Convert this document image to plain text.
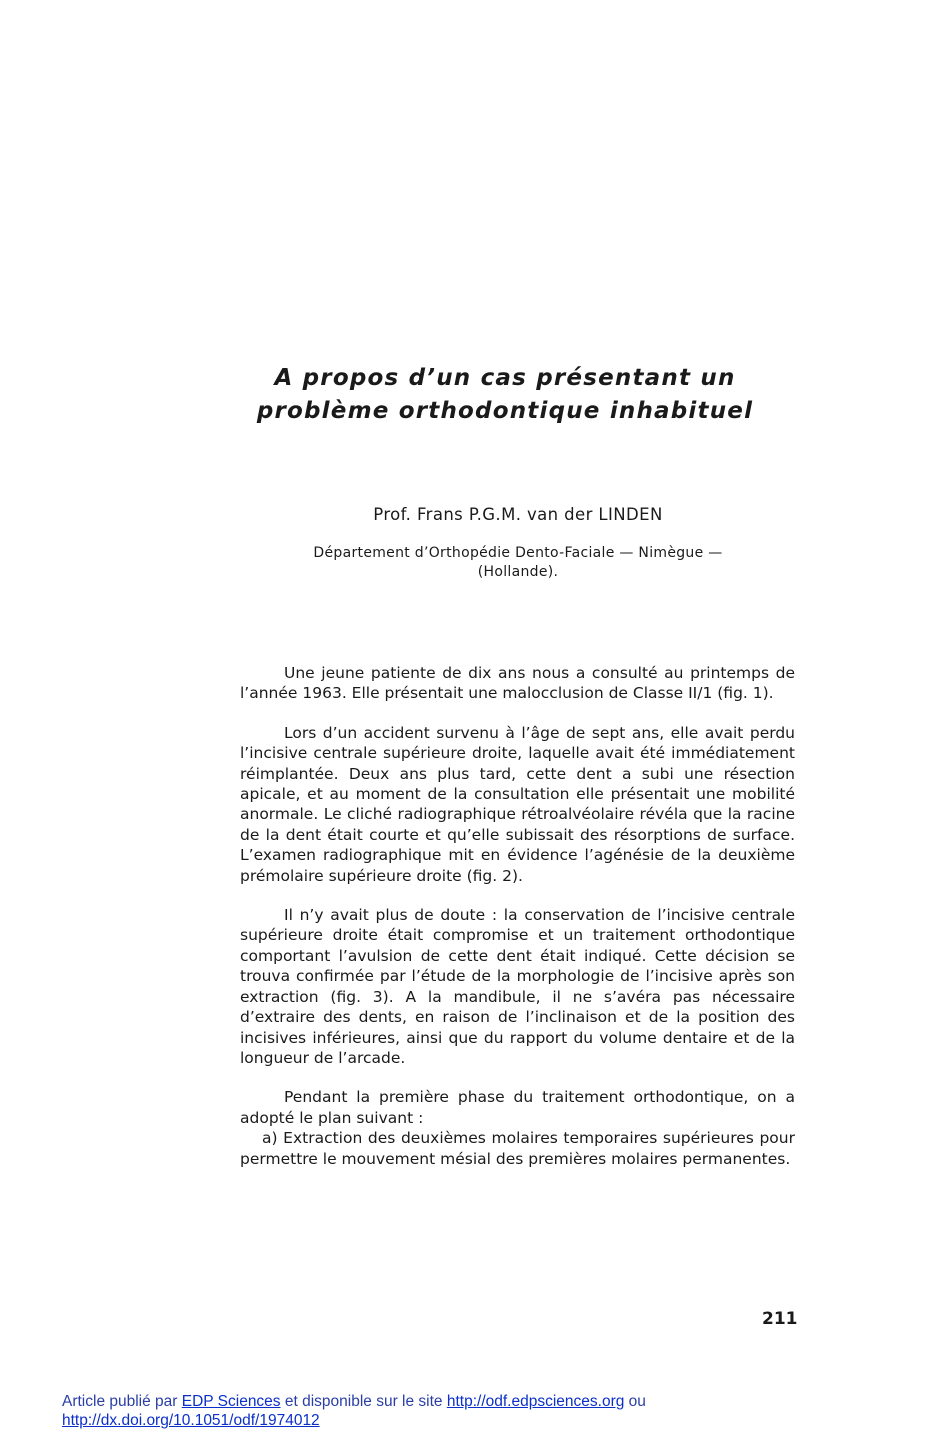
A propos d’un cas présentant un
problème orthodontique inhabituel
Prof. Frans P.G.M. van der LINDEN
Département d’Orthopédie Dento-Faciale — Nimègue —
(Hollande).

Une jeune patiente de dix ans nous a consulté au printemps de l’année 1963. Elle présentait une malocclusion de Classe II/1 (fig. 1).

Lors d’un accident survenu à l’âge de sept ans, elle avait perdu l’incisive centrale supérieure droite, laquelle avait été immédiatement réimplantée. Deux ans plus tard, cette dent a subi une résection apicale, et au moment de la consultation elle présentait une mobilité anormale. Le cliché radiographique rétroalvéolaire révéla que la racine de la dent était courte et qu’elle subissait des résorptions de surface. L’examen radiographique mit en évidence l’agénésie de la deuxième prémolaire supérieure droite (fig. 2).

Il n’y avait plus de doute : la conservation de l’incisive centrale supérieure droite était compromise et un traitement orthodontique comportant l’avulsion de cette dent était indiqué. Cette décision se trouva confirmée par l’étude de la morphologie de l’incisive après son extraction (fig. 3). A la mandibule, il ne s’avéra pas nécessaire d’extraire des dents, en raison de l’inclinaison et de la position des incisives inférieures, ainsi que du rapport du volume dentaire et de la longueur de l’arcade.

Pendant la première phase du traitement orthodontique, on a adopté le plan suivant :

a) Extraction des deuxièmes molaires temporaires supérieures pour permettre le mouvement mésial des premières molaires permanentes.

211
Article publié par EDP Sciences et disponible sur le site http://odf.edpsciences.org ou
http://dx.doi.org/10.1051/odf/1974012
